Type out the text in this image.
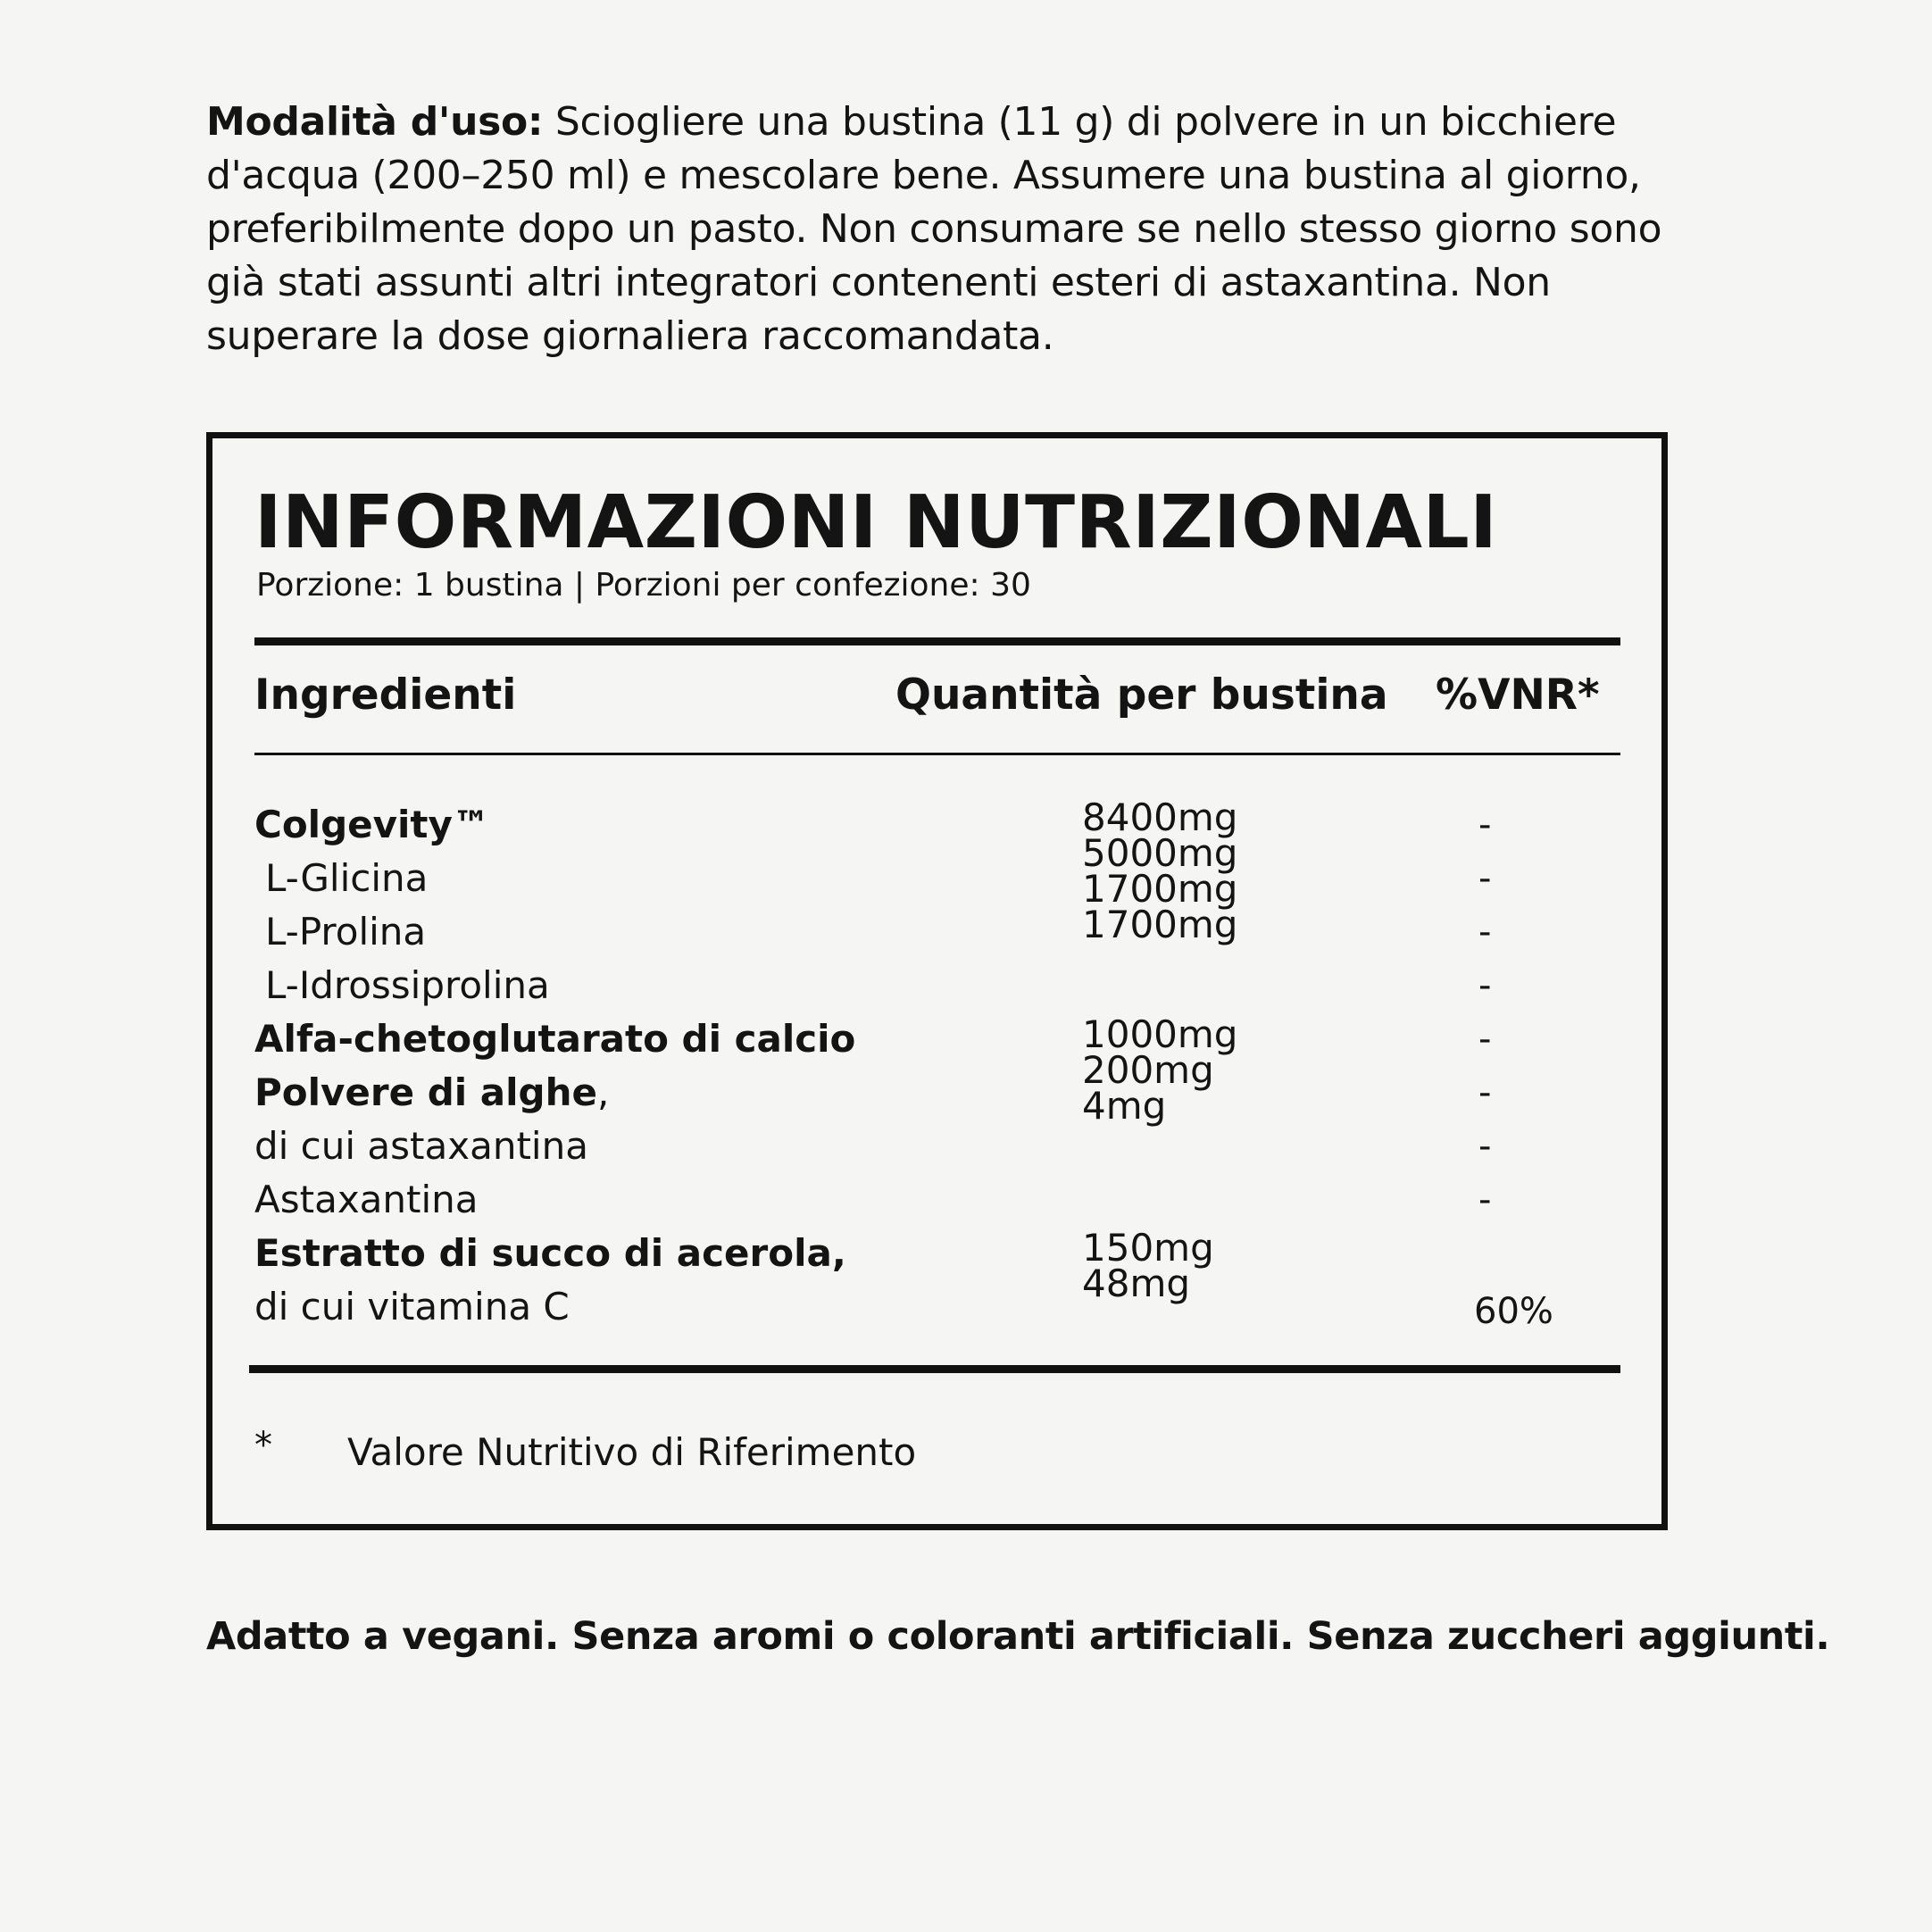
Modalità d'uso: Sciogliere una bustina (11 g) di polvere in un bicchiere d'acqua (200–250 ml) e mescolare bene. Assumere una bustina al giorno, preferibilmente dopo un pasto. Non consumare se nello stesso giorno sono già stati assunti altri integratori contenenti esteri di astaxantina. Non superare la dose giornaliera raccomandata.

INFORMAZIONI NUTRIZIONALI
Porzione: 1 bustina | Porzioni per confezione: 30
Ingredienti	Quantità per bustina %VNR*
Colgevity™
L-Glicina
L-Prolina
L-Idrossiprolina
Alfa-chetoglutarato di calcio
Polvere di alghe,
di cui astaxantina
Astaxantina
Estratto di succo di acerola,
di cui vitamina C
8400mg
5000mg
1700mg
1700mg
1000mg
200mg
4mg
150mg
48mg
-
-
-
-
-
-
-
-
60%
* Valore Nutritivo di Riferimento

Adatto a vegani. Senza aromi o coloranti artificiali. Senza zuccheri aggiunti.
